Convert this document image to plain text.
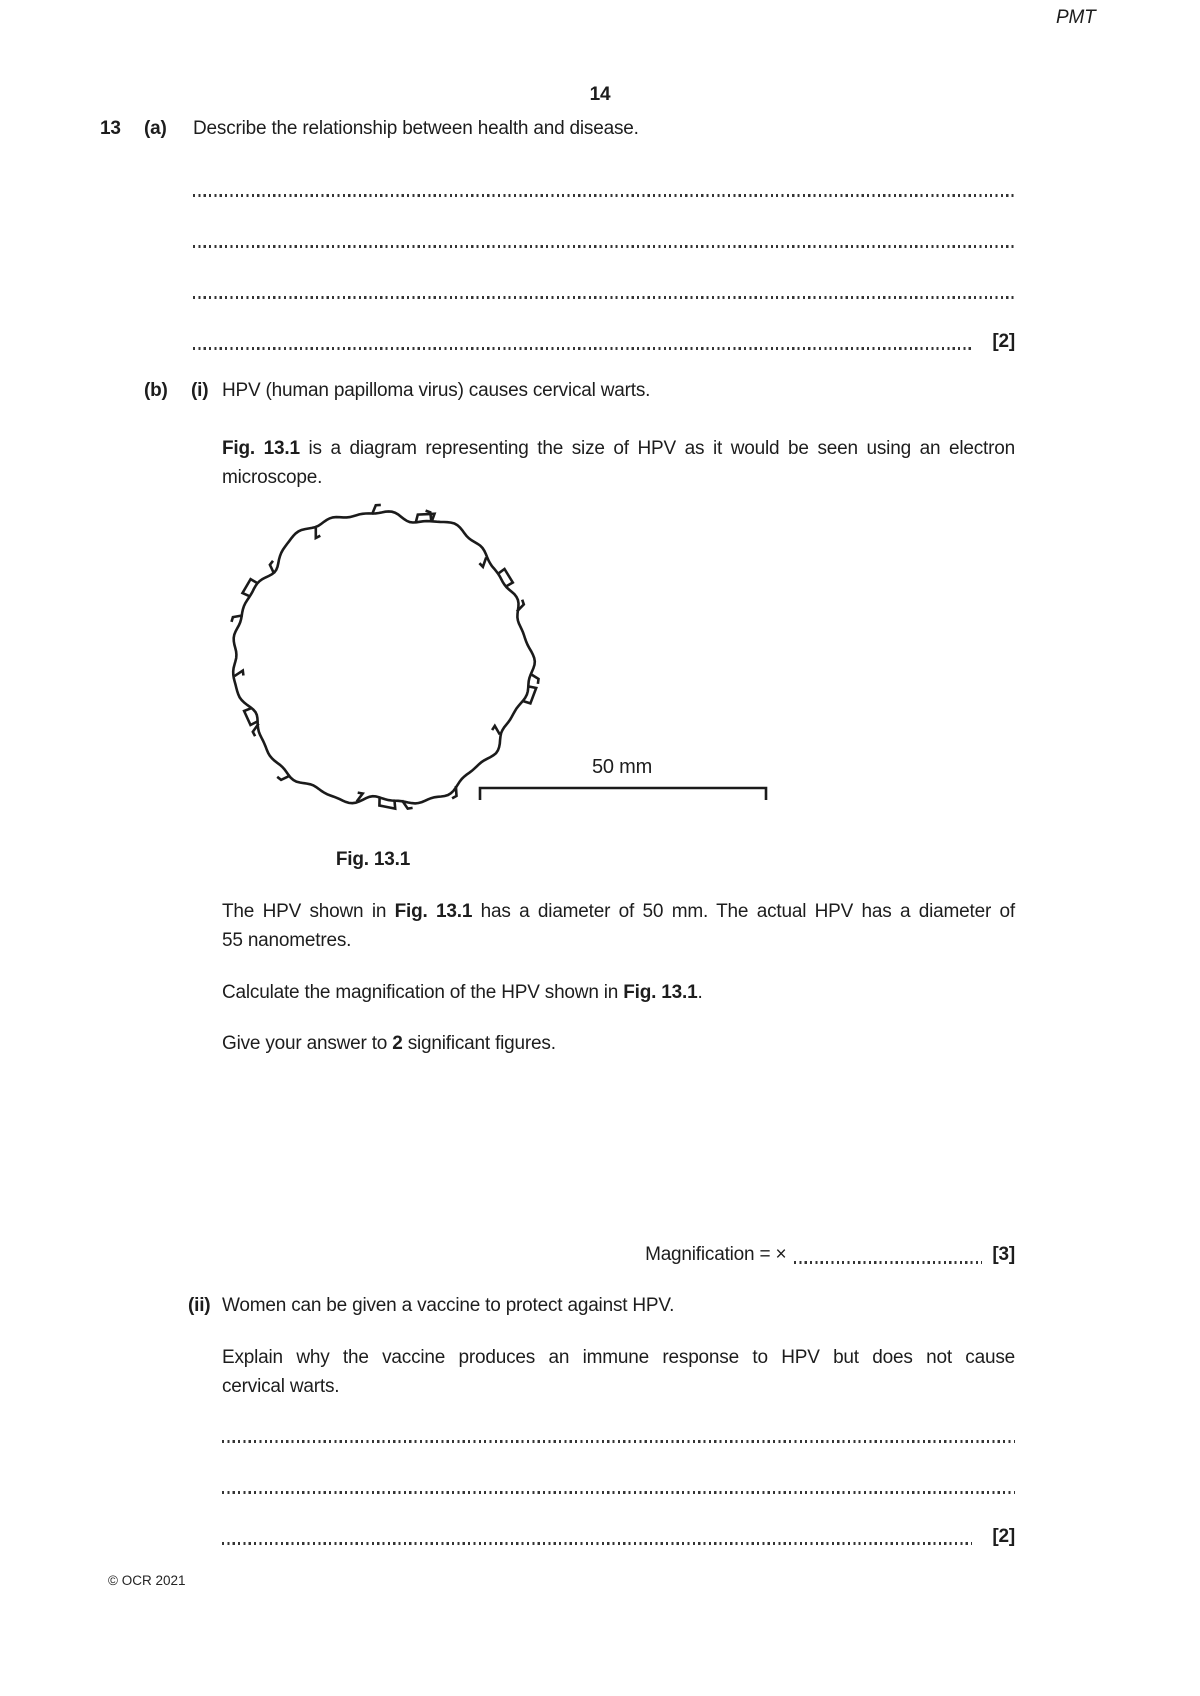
PMT
14
13 (a) Describe the relationship between health and disease.
[2]
(b) (i) HPV (human papilloma virus) causes cervical warts.
Fig. 13.1 is a diagram representing the size of HPV as it would be seen using an electron
microscope.
50 mm
Fig. 13.1
The HPV shown in Fig. 13.1 has a diameter of 50 mm. The actual HPV has a diameter of
55 nanometres.
Calculate the magnification of the HPV shown in Fig. 13.1.
Give your answer to 2 significant figures.
Magnification = ×	[3]
(ii) Women can be given a vaccine to protect against HPV.
Explain why the vaccine produces an immune response to HPV but does not cause
cervical warts.
[2]
© OCR 2021
